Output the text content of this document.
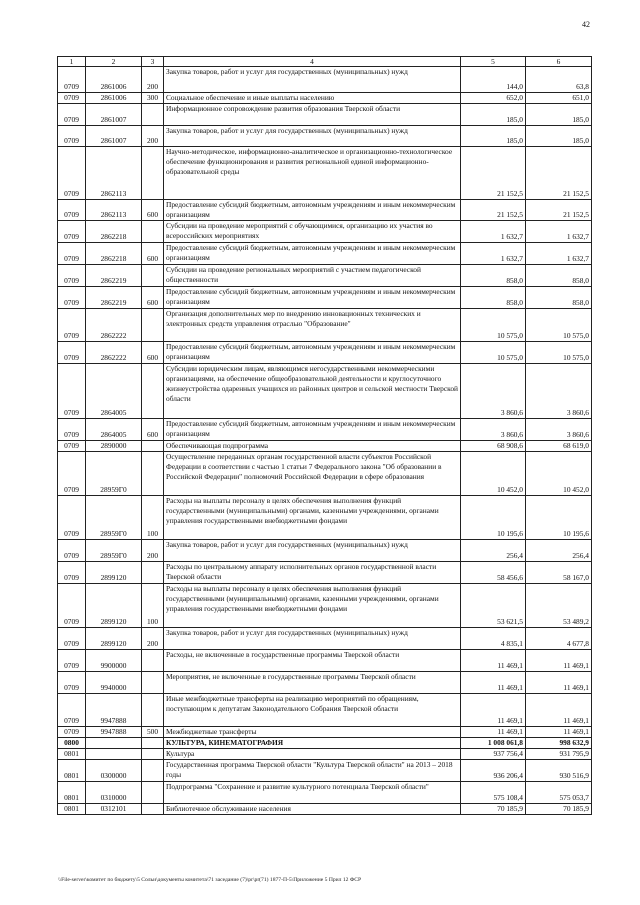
42
1	2	3	4	5	6
0709	2861006	200	Закупка товаров, работ и услуг для государственных (муниципальных) нужд	144,0	63,8
0709	2861006	300	Социальное обеспечение и иные выплаты населению	652,0	651,0
0709	2861007		Информационное сопровождение развития образования Тверской области	185,0	185,0
0709	2861007	200	Закупка товаров, работ и услуг для государственных (муниципальных) нужд	185,0	185,0
0709	2862113		Научно-методическое, информационно-аналитическое и организационно-технологическое обеспечение функционирования и развития региональной единой информационно-образовательной среды	21 152,5	21 152,5
0709	2862113	600	Предоставление субсидий бюджетным, автономным учреждениям и иным некоммерческим организациям	21 152,5	21 152,5
0709	2862218		Субсидии на проведение мероприятий с обучающимися, организацию их участия во всероссийских мероприятиях	1 632,7	1 632,7
0709	2862218	600	Предоставление субсидий бюджетным, автономным учреждениям и иным некоммерческим организациям	1 632,7	1 632,7
0709	2862219		Субсидии на проведение региональных мероприятий с участием педагогической общественности	858,0	858,0
0709	2862219	600	Предоставление субсидий бюджетным, автономным учреждениям и иным некоммерческим организациям	858,0	858,0
0709	2862222		Организация дополнительных мер по внедрению инновационных технических и электронных средств управления отраслью "Образование"	10 575,0	10 575,0
0709	2862222	600	Предоставление субсидий бюджетным, автономным учреждениям и иным некоммерческим организациям	10 575,0	10 575,0
0709	2864005		Субсидии юридическим лицам, являющимся негосударственными некоммерческими организациями, на обеспечение общеобразовательной деятельности и круглосуточного жизнеустройства одаренных учащихся из районных центров и сельской местности Тверской области	3 860,6	3 860,6
0709	2864005	600	Предоставление субсидий бюджетным, автономным учреждениям и иным некоммерческим организациям	3 860,6	3 860,6
0709	2890000		Обеспечивающая подпрограмма	68 908,6	68 619,0
0709	28959Г0		Осуществление переданных органам государственной власти субъектов Российской Федерации в соответствии с частью 1 статьи 7 Федерального закона "Об образовании в Российской Федерации" полномочий Российской Федерации в сфере образования	10 452,0	10 452,0
0709	28959Г0	100	Расходы на выплаты персоналу в целях обеспечения выполнения функций государственными (муниципальными) органами, казенными учреждениями, органами управления государственными внебюджетными фондами	10 195,6	10 195,6
0709	28959Г0	200	Закупка товаров, работ и услуг для государственных (муниципальных) нужд	256,4	256,4
0709	2899120		Расходы по центральному аппарату исполнительных органов государственной власти Тверской области	58 456,6	58 167,0
0709	2899120	100	Расходы на выплаты персоналу в целях обеспечения выполнения функций государственными (муниципальными) органами, казенными учреждениями, органами управления государственными внебюджетными фондами	53 621,5	53 489,2
0709	2899120	200	Закупка товаров, работ и услуг для государственных (муниципальных) нужд	4 835,1	4 677,8
0709	9900000		Расходы, не включенные в государственные программы Тверской области	11 469,1	11 469,1
0709	9940000		Мероприятия, не включенные в государственные программы Тверской области	11 469,1	11 469,1
0709	9947888		Иные межбюджетные трансферты на реализацию мероприятий по обращениям, поступающим к депутатам Законодательного Собрания Тверской области	11 469,1	11 469,1
0709	9947888	500	Межбюджетные трансферты	11 469,1	11 469,1
0800			КУЛЬТУРА, КИНЕМАТОГРАФИЯ	1 008 061,8	998 632,9
0801			Культура	937 756,4	931 795,9
0801	0300000		Государственная программа Тверской области "Культура Тверской области" на 2013 – 2018 годы	936 206,4	930 516,9
0801	0310000		Подпрограмма "Сохранение и развитие культурного потенциала Тверской области"	575 108,4	575 053,7
0801	0312101		Библиотечное обслуживание населения	70 185,9	70 185,9
\\File-server\комитет по бюджету\5 Сольи\документы комитета\71 заседание (7)\pr\pr(71) 1877-П-5\Приложение 5 Прил 12 ФСР
